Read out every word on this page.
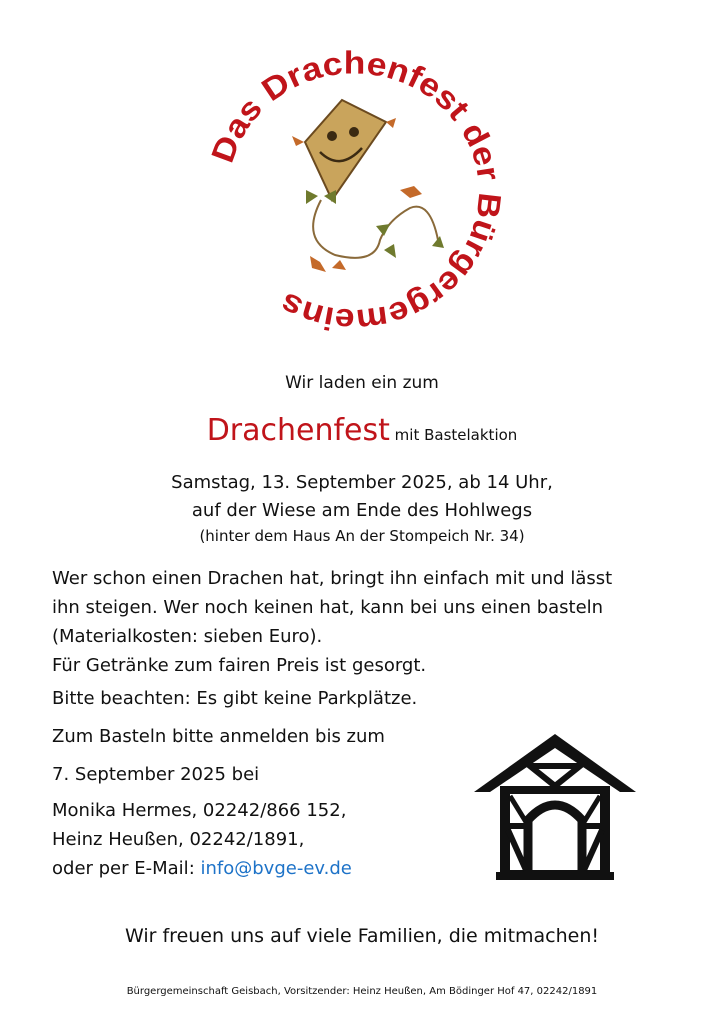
Das Drachenfest der Bürgergemeins
Wir laden ein zum
Drachenfest mit Bastelaktion
Samstag, 13. September 2025, ab 14 Uhr,
auf der Wiese am Ende des Hohlwegs
(hinter dem Haus An der Stompeich Nr. 34)
Wer schon einen Drachen hat, bringt ihn einfach mit und lässt
ihn steigen. Wer noch keinen hat, kann bei uns einen basteln
(Materialkosten: sieben Euro).
Für Getränke zum fairen Preis ist gesorgt.
Bitte beachten: Es gibt keine Parkplätze.
Zum Basteln bitte anmelden bis zum
7. September 2025 bei
Monika Hermes, 02242/866 152,
Heinz Heußen, 02242/1891,
oder per E-Mail: info@bvge-ev.de
Wir freuen uns auf viele Familien, die mitmachen!
Bürgergemeinschaft Geisbach, Vorsitzender: Heinz Heußen, Am Bödinger Hof 47, 02242/1891
